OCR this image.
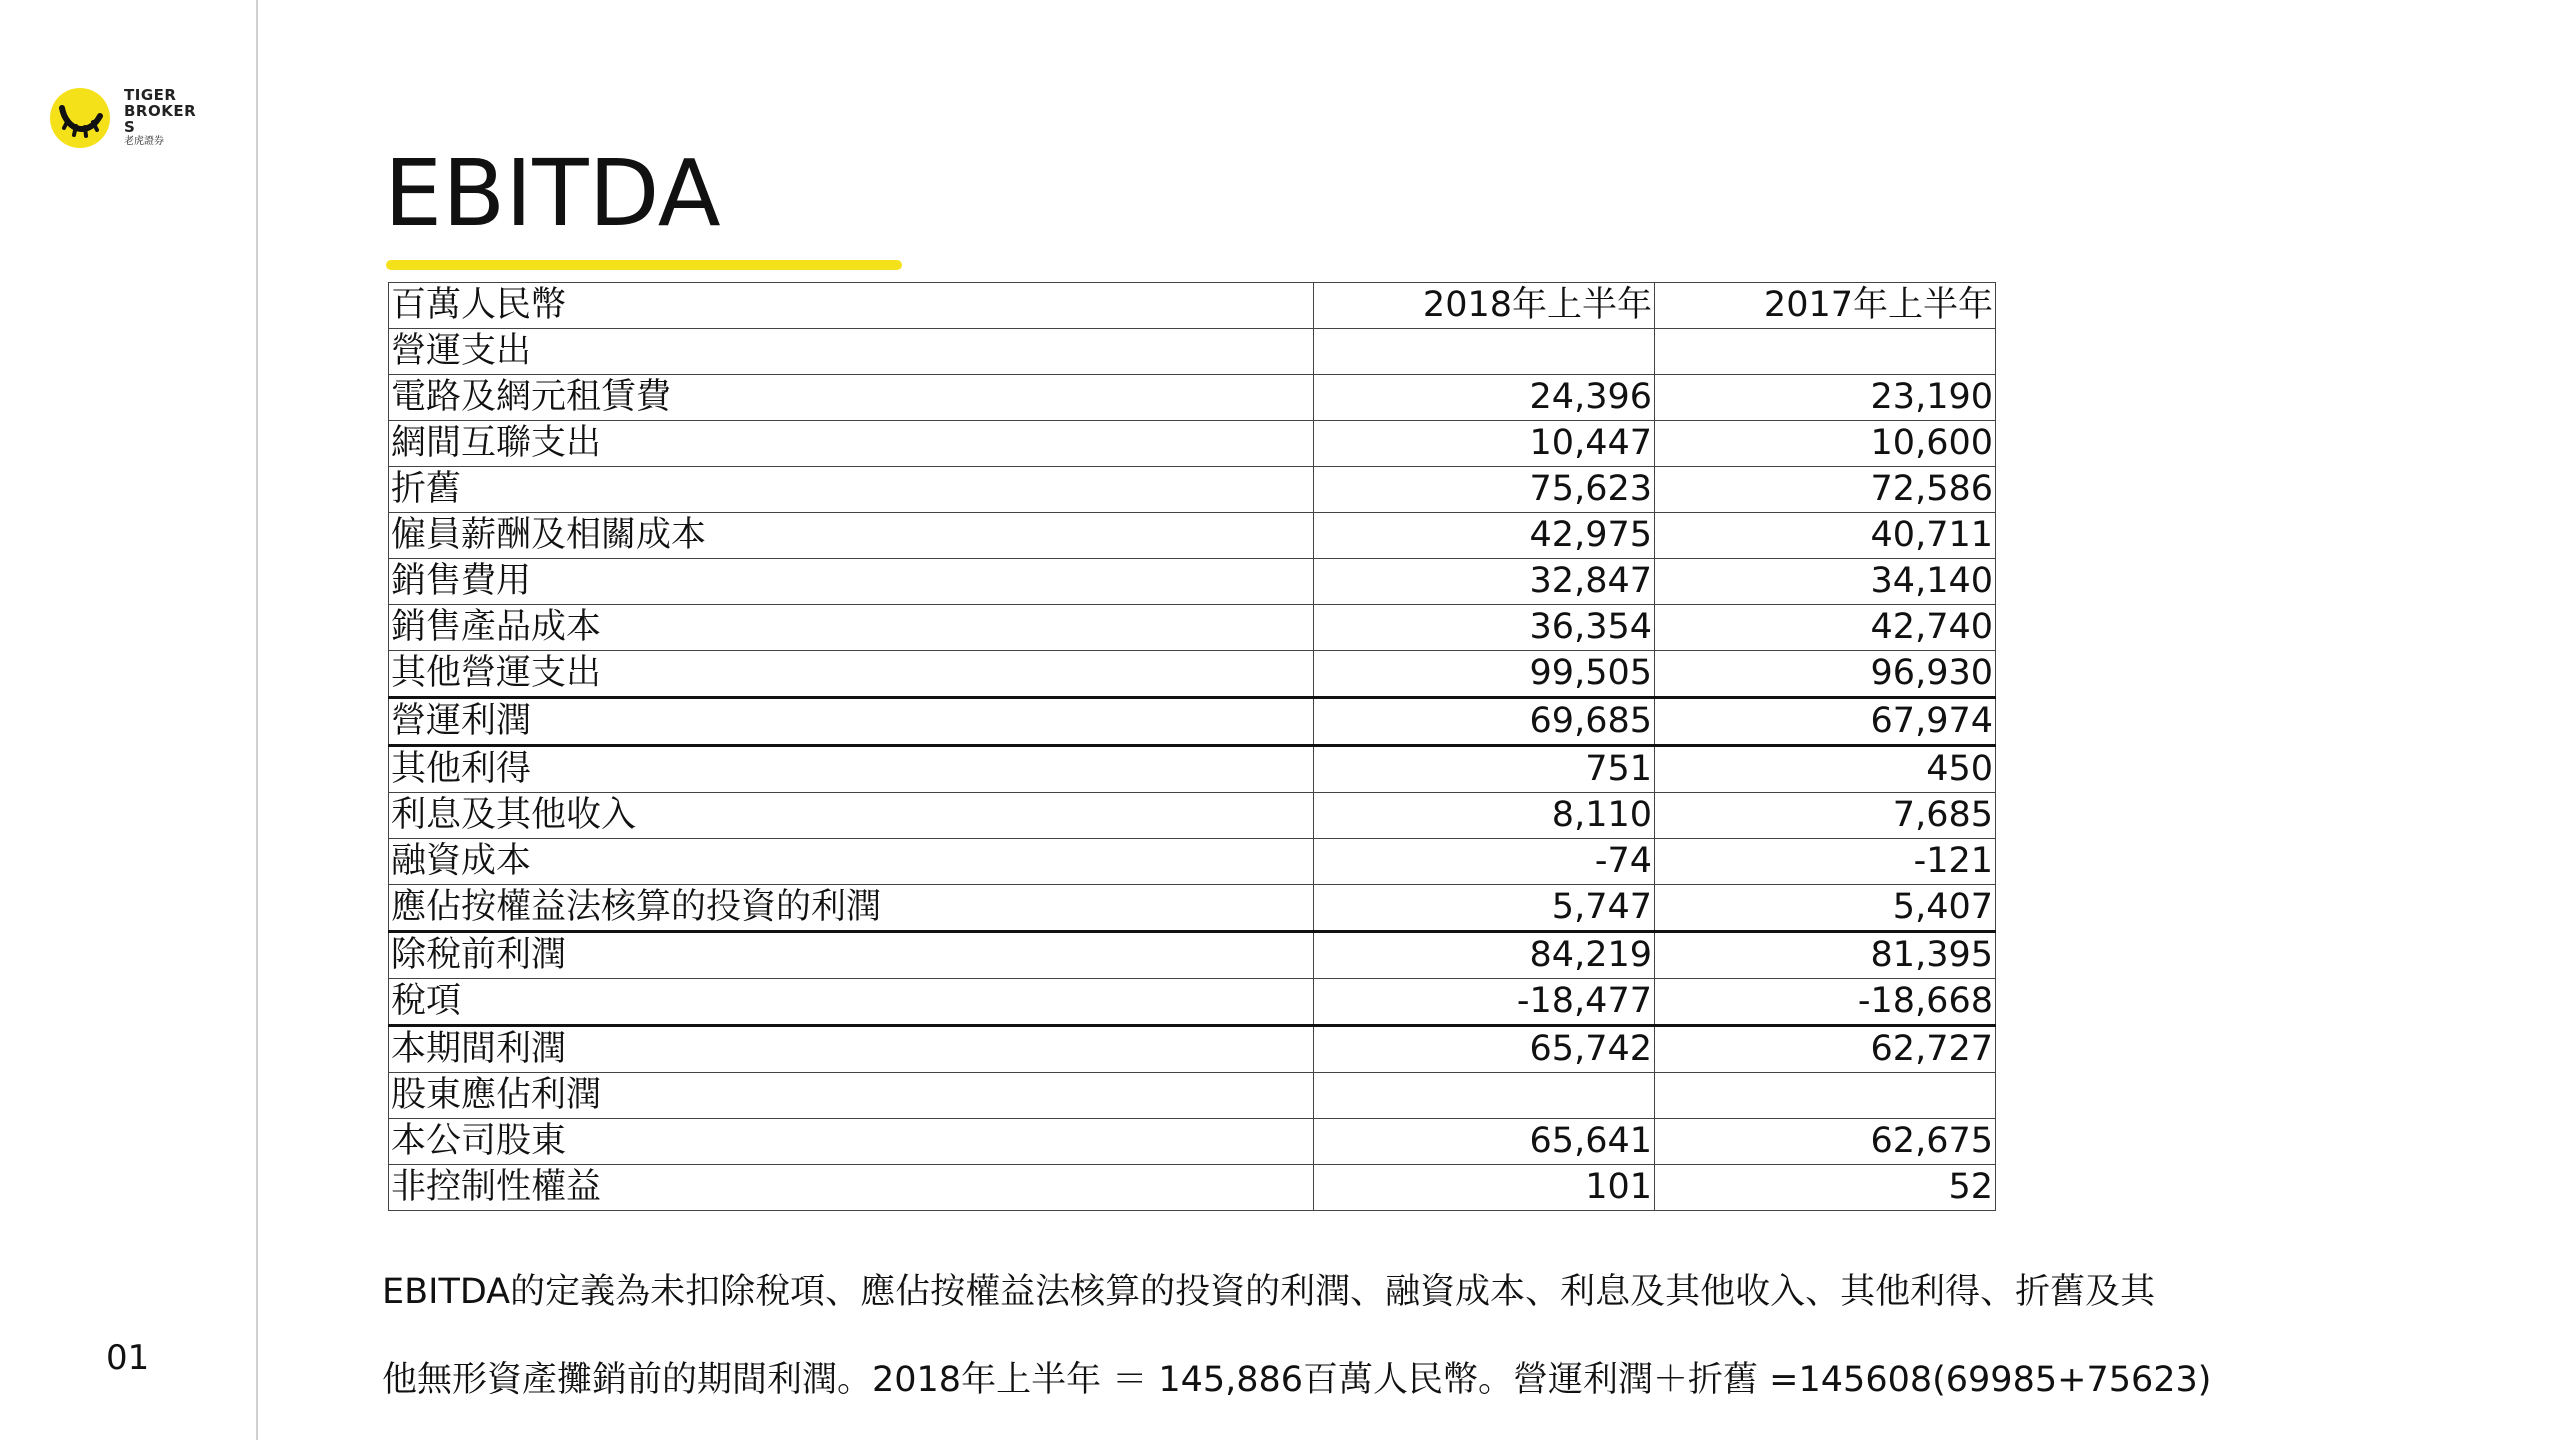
TIGER BROKERS
老虎證券
01
EBITDA
百萬人民幣	2018年上半年	2017年上半年
營運支出		
電路及網元租賃費	24,396	23,190
網間互聯支出	10,447	10,600
折舊	75,623	72,586
僱員薪酬及相關成本	42,975	40,711
銷售費用	32,847	34,140
銷售產品成本	36,354	42,740
其他營運支出	99,505	96,930
營運利潤	69,685	67,974
其他利得	751	450
利息及其他收入	8,110	7,685
融資成本	-74	-121
應佔按權益法核算的投資的利潤	5,747	5,407
除稅前利潤	84,219	81,395
稅項	-18,477	-18,668
本期間利潤	65,742	62,727
股東應佔利潤		
本公司股東	65,641	62,675
非控制性權益	101	52
EBITDA的定義為未扣除稅項、應佔按權益法核算的投資的利潤、融資成本、利息及其他收入、其他利得、折舊及其
他無形資產攤銷前的期間利潤。2018年上半年 ＝ 145,886百萬人民幣。營運利潤＋折舊 =145608(69985+75623)
